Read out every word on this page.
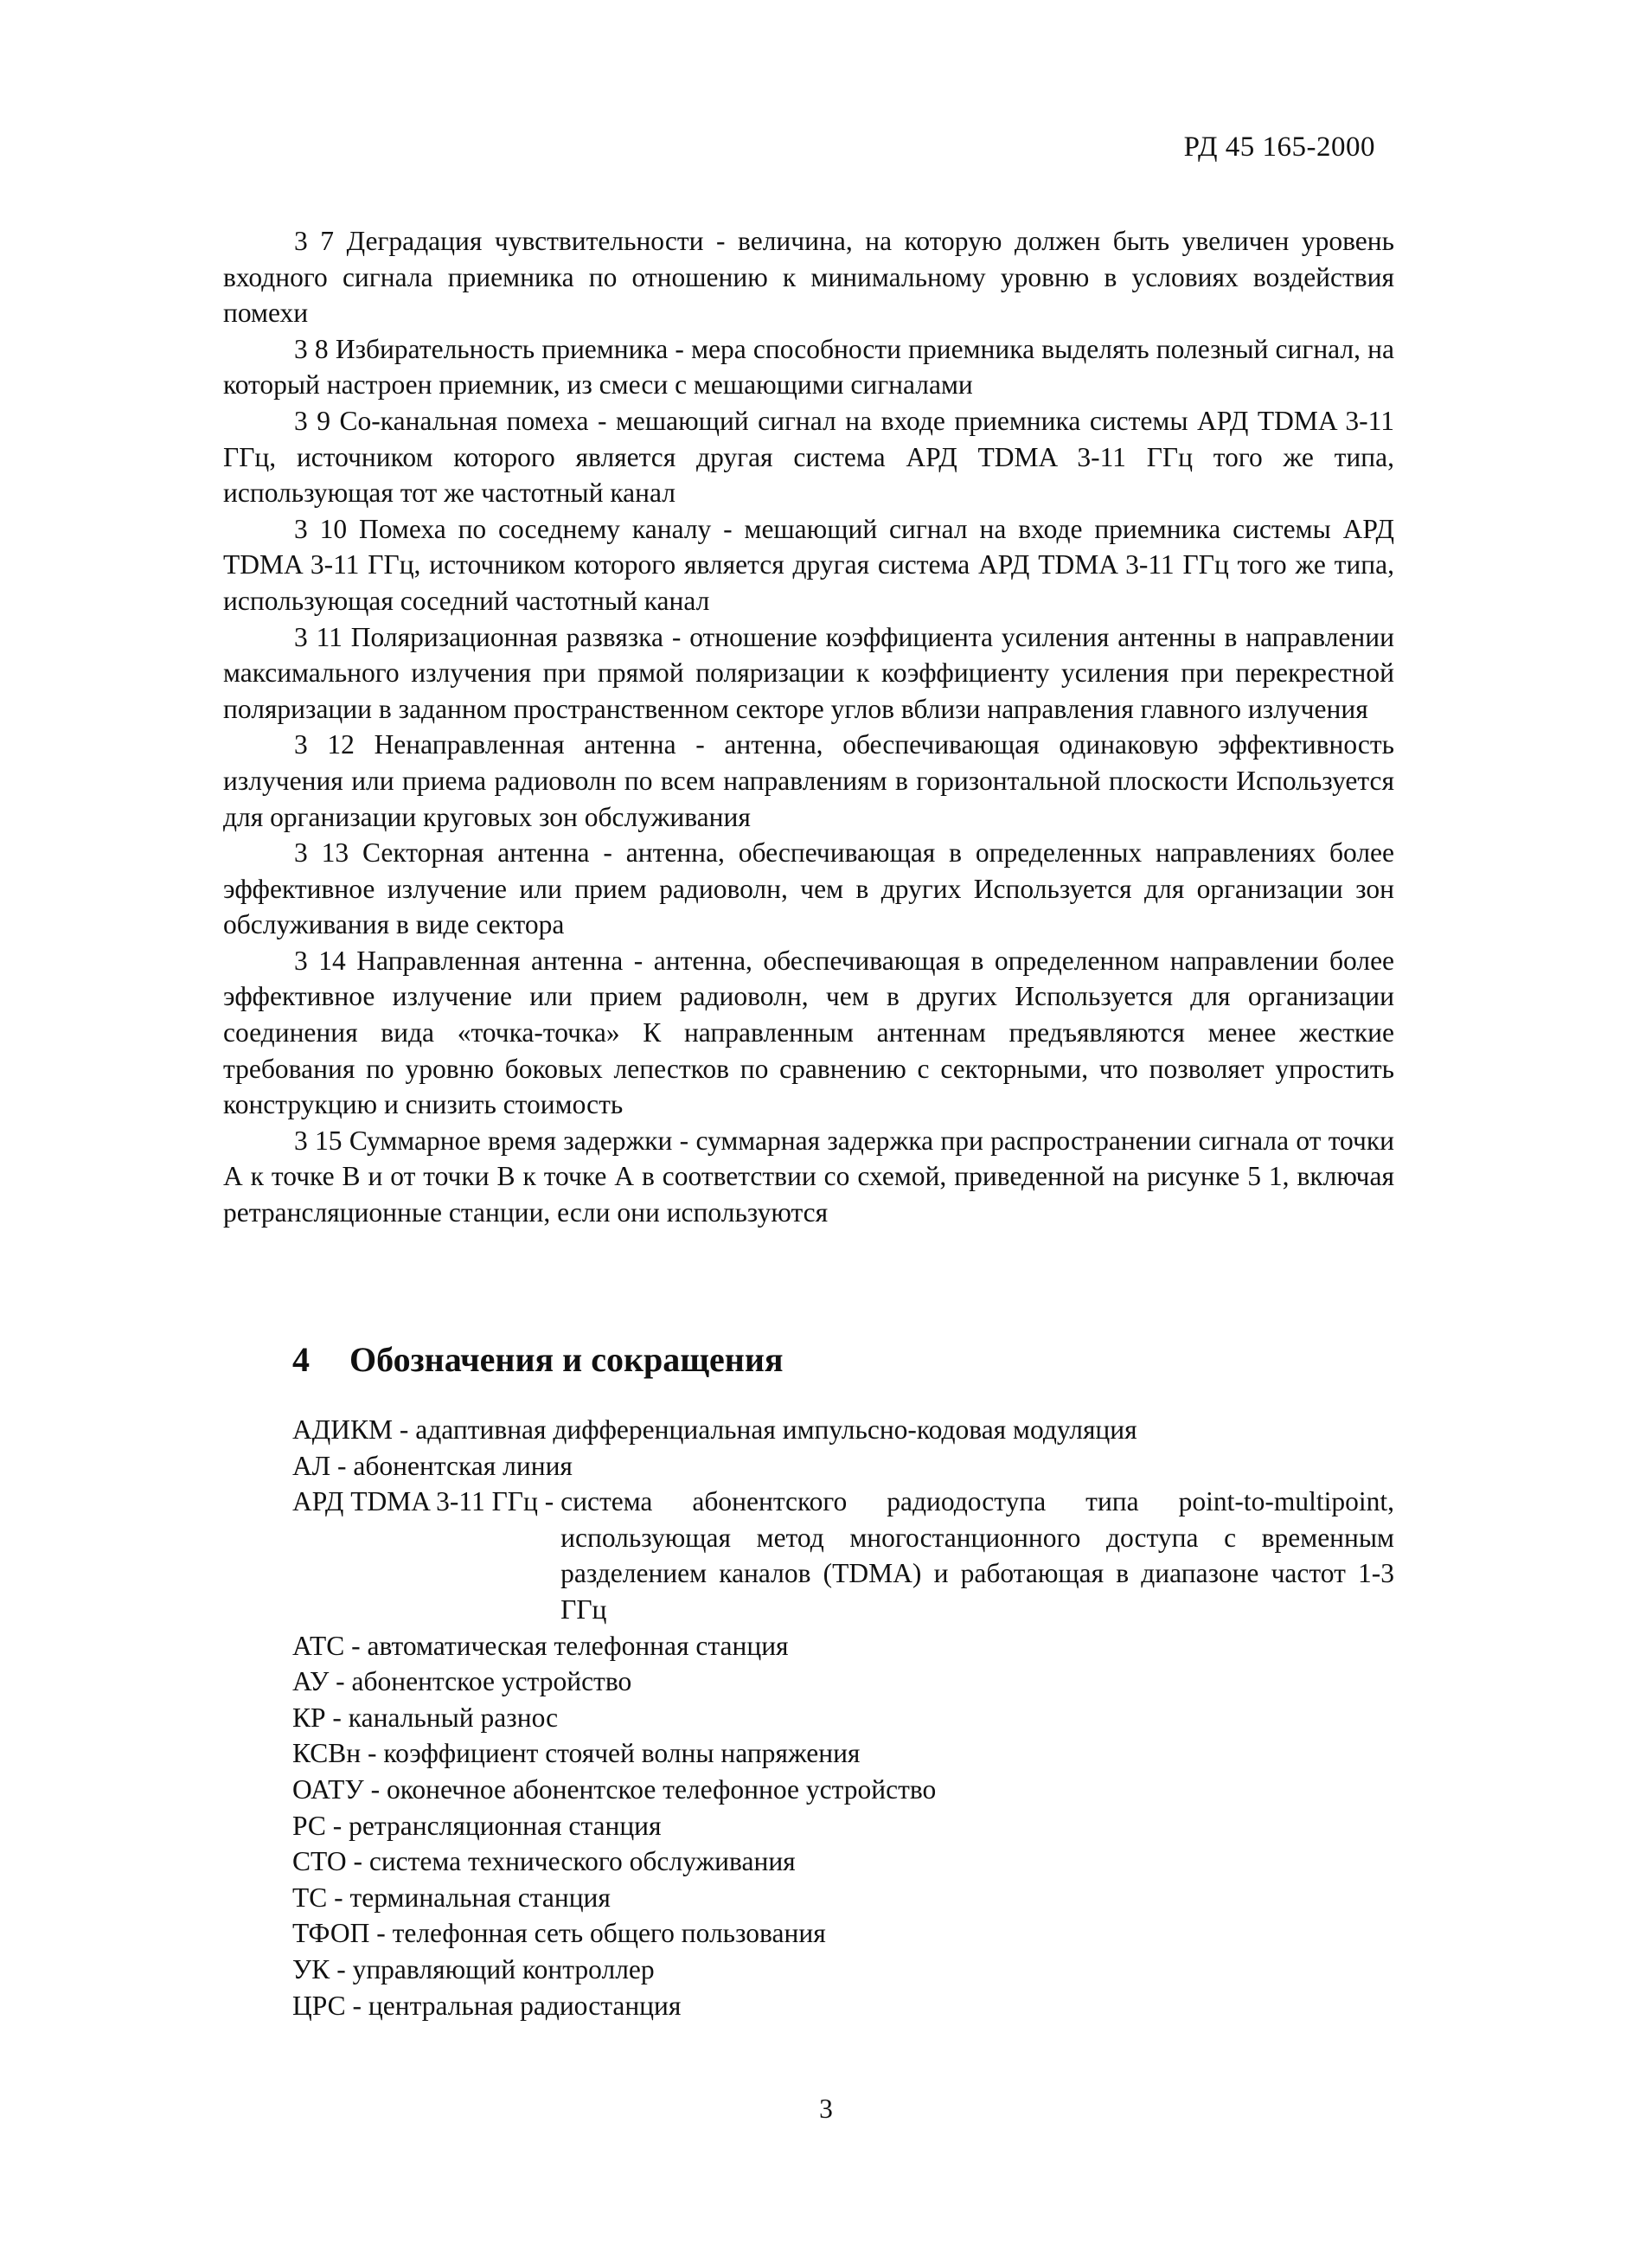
РД 45 165-2000

3 7 Деградация чувствительности - величина, на которую должен быть увеличен уровень входного сигнала приемника по отношению к минимальному уровню в условиях воздействия помехи

3 8 Избирательность приемника - мера способности приемника выделять полезный сигнал, на который настроен приемник, из смеси с мешающими сигналами

3 9 Со-канальная помеха - мешающий сигнал на входе приемника системы АРД TDMA 3-11 ГГц, источником которого является другая система АРД TDMA 3-11 ГГц того же типа, использующая тот же частотный канал

3 10 Помеха по соседнему каналу - мешающий сигнал на входе приемника системы АРД TDMA 3-11 ГГц, источником которого является другая система АРД TDMA 3-11 ГГц того же типа, использующая соседний частотный канал

3 11 Поляризационная развязка - отношение коэффициента усиления антенны в направлении максимального излучения при прямой поляризации к коэффициенту усиления при перекрестной поляризации в заданном пространственном секторе углов вблизи направления главного излучения

3 12 Ненаправленная антенна - антенна, обеспечивающая одинаковую эффективность излучения или приема радиоволн по всем направлениям в горизонтальной плоскости Используется для организации круговых зон обслуживания

3 13 Секторная антенна - антенна, обеспечивающая в определенных направлениях более эффективное излучение или прием радиоволн, чем в других Используется для организации зон обслуживания в виде сектора

3 14 Направленная антенна - антенна, обеспечивающая в определенном направлении более эффективное излучение или прием радиоволн, чем в других Используется для организации соединения вида «точка-точка» К направленным антеннам предъявляются менее жесткие требования по уровню боковых лепестков по сравнению с секторными, что позволяет упростить конструкцию и снизить стоимость

3 15 Суммарное время задержки - суммарная задержка при распространении сигнала от точки А к точке В и от точки В к точке А в соответствии со схемой, приведенной на рисунке 5 1, включая ретрансляционные станции, если они используются

4 Обозначения и сокращения

АДИКМ - адаптивная дифференциальная импульсно-кодовая модуляция

АЛ - абонентская линия

АРД TDMA 3-11 ГГц - система абонентского радиодоступа типа point-to-multipoint, использующая метод многостанционного доступа с временным разделением каналов (TDMA) и работающая в диапазоне частот 1-3 ГГц

АТС - автоматическая телефонная станция

АУ - абонентское устройство

КР - канальный разнос

КСВн - коэффициент стоячей волны напряжения

ОАТУ - оконечное абонентское телефонное устройство

РС - ретрансляционная станция

СТО - система технического обслуживания

ТС - терминальная станция

ТФОП - телефонная сеть общего пользования

УК - управляющий контроллер

ЦРС - центральная радиостанция

3
